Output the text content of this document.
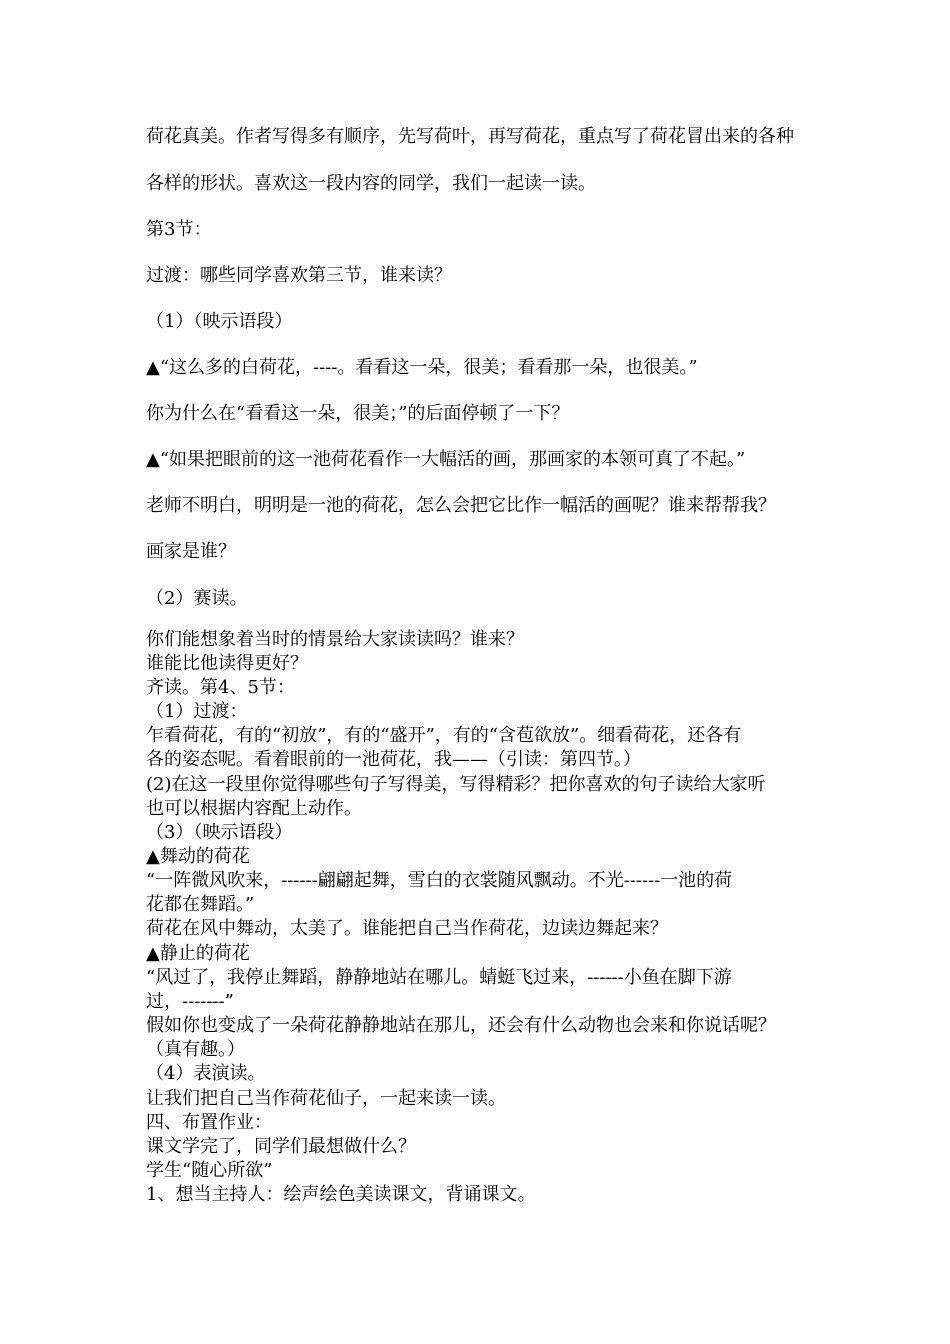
荷花真美。作者写得多有顺序，先写荷叶，再写荷花，重点写了荷花冒出来的各种

各样的形状。喜欢这一段内容的同学，我们一起读一读。

第3节：

过渡：哪些同学喜欢第三节，谁来读？

（1）（映示语段）

▲“这么多的白荷花，----。看看这一朵，很美；看看那一朵，也很美。”

你为什么在“看看这一朵，很美；”的后面停顿了一下？

▲“如果把眼前的这一池荷花看作一大幅活的画，那画家的本领可真了不起。”

老师不明白，明明是一池的荷花，怎么会把它比作一幅活的画呢？谁来帮帮我？

画家是谁？

（2）赛读。

你们能想象着当时的情景给大家读读吗？谁来？

谁能比他读得更好？

齐读。第4、5节：

（1）过渡：

乍看荷花，有的“初放”，有的“盛开”，有的“含苞欲放”。细看荷花，还各有

各的姿态呢。看着眼前的一池荷花，我——（引读：第四节。）

(2)在这一段里你觉得哪些句子写得美，写得精彩？把你喜欢的句子读给大家听

也可以根据内容配上动作。

（3）（映示语段）

▲舞动的荷花

“一阵微风吹来，------翩翩起舞，雪白的衣裳随风飘动。不光------一池的荷

花都在舞蹈。”

荷花在风中舞动，太美了。谁能把自己当作荷花，边读边舞起来？

▲静止的荷花

“风过了，我停止舞蹈，静静地站在哪儿。蜻蜓飞过来，------小鱼在脚下游

过，-------”

假如你也变成了一朵荷花静静地站在那儿，还会有什么动物也会来和你说话呢？

（真有趣。）

（4）表演读。

让我们把自己当作荷花仙子，一起来读一读。

四、布置作业：

课文学完了，同学们最想做什么？

学生“随心所欲”

1、想当主持人：绘声绘色美读课文，背诵课文。
